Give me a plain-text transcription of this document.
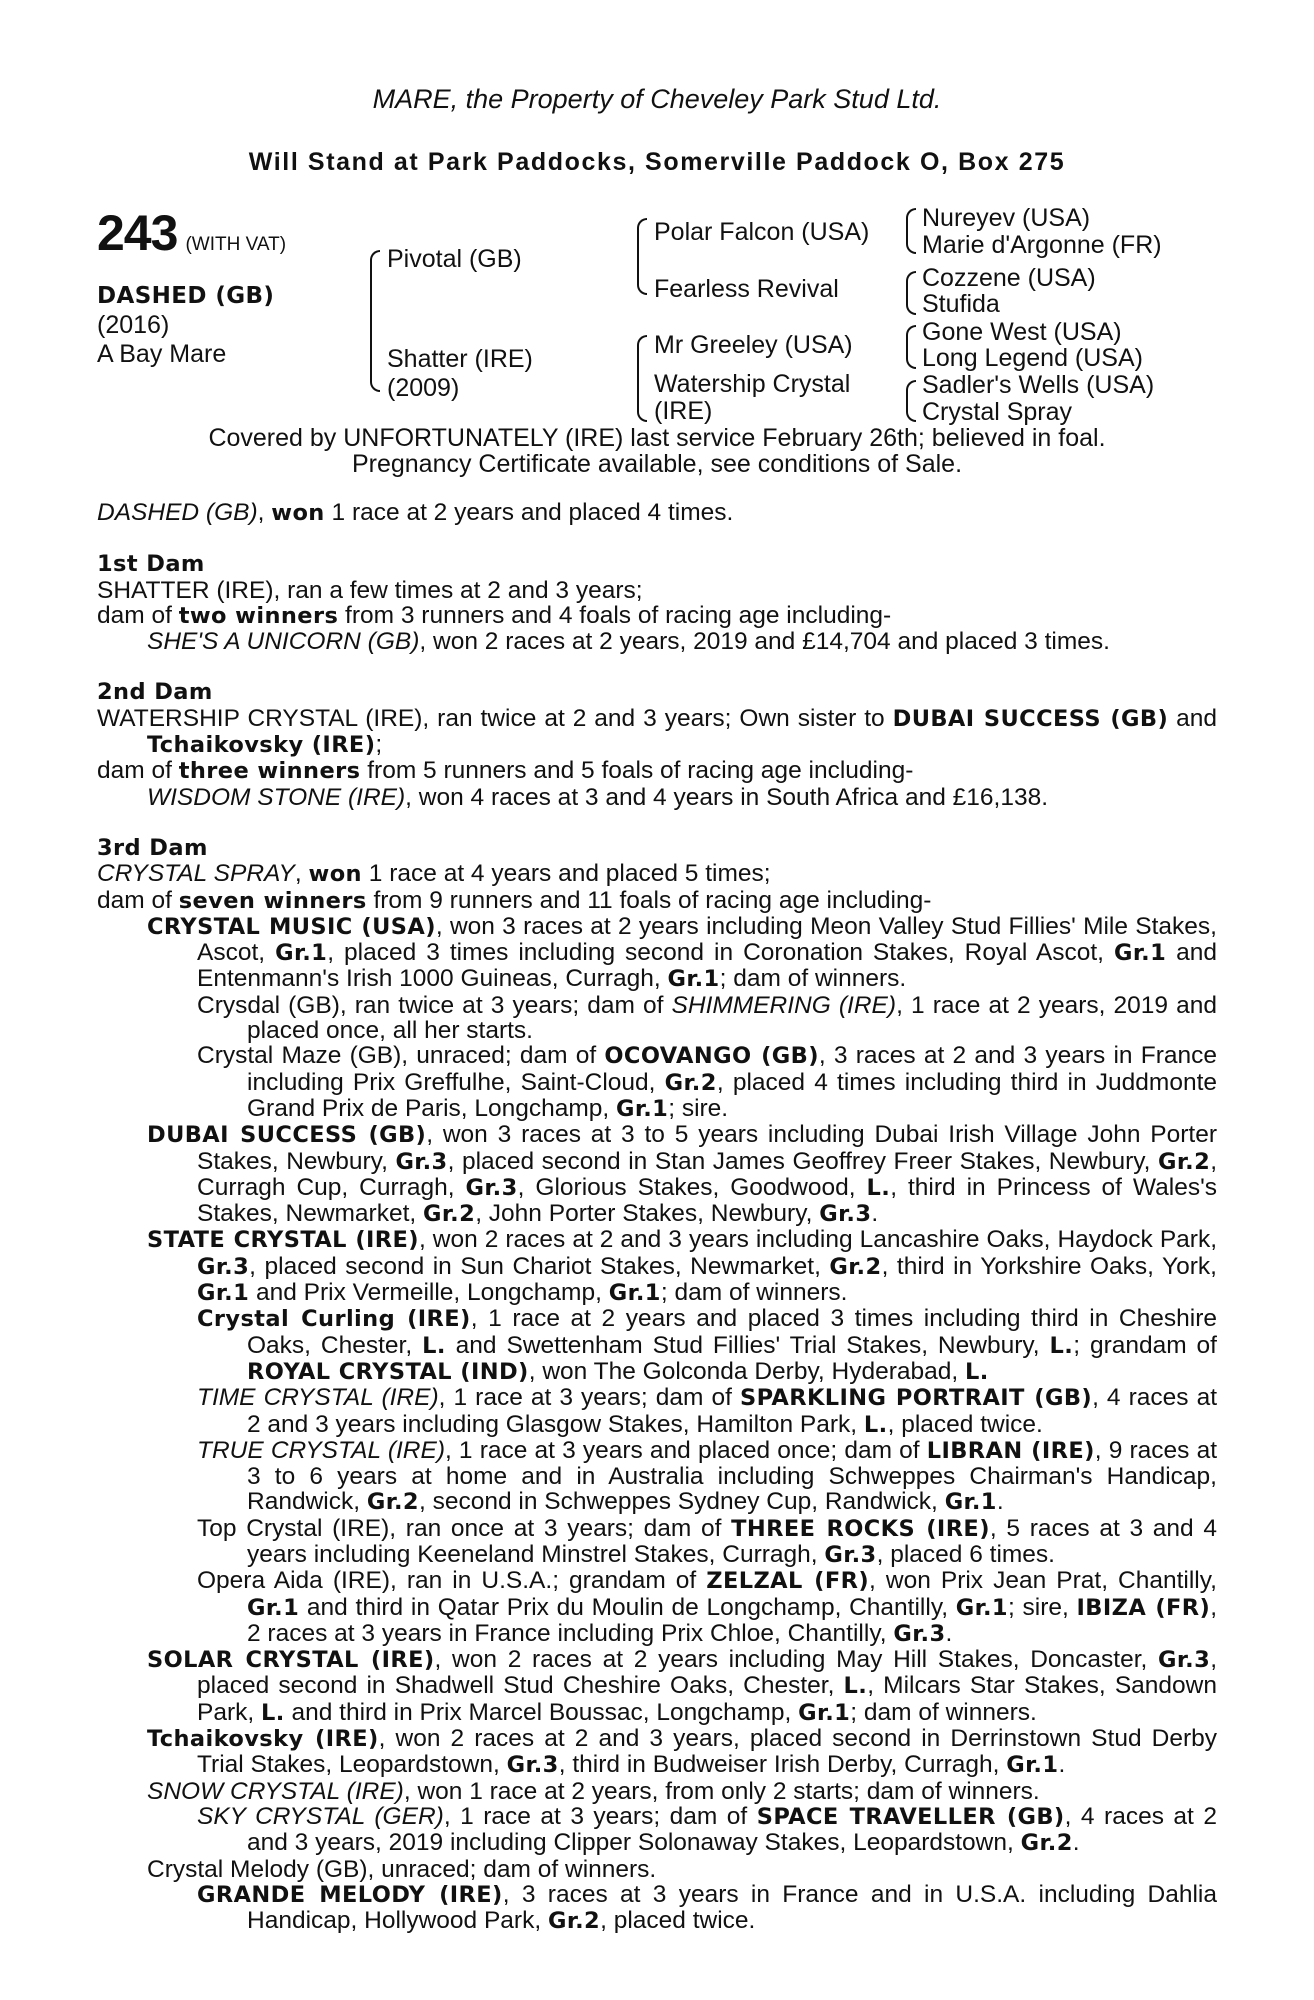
MARE, the Property of Cheveley Park Stud Ltd.
Will Stand at Park Paddocks, Somerville Paddock O, Box 275
243 (WITH VAT)
DASHED (GB)
(2016)
A Bay Mare
Pivotal (GB)
Shatter (IRE)
(2009)
Polar Falcon (USA)
Fearless Revival
Mr Greeley (USA)
Watership Crystal
(IRE)
Nureyev (USA)
Marie d'Argonne (FR)
Cozzene (USA)
Stufida
Gone West (USA)
Long Legend (USA)
Sadler's Wells (USA)
Crystal Spray
Covered by UNFORTUNATELY (IRE) last service February 26th; believed in foal.
Pregnancy Certificate available, see conditions of Sale.

DASHED (GB), won 1 race at 2 years and placed 4 times.

1st Dam

SHATTER (IRE), ran a few times at 2 and 3 years;

dam of two winners from 3 runners and 4 foals of racing age including-

SHE'S A UNICORN (GB), won 2 races at 2 years, 2019 and £14,704 and placed 3 times.

2nd Dam

WATERSHIP CRYSTAL (IRE), ran twice at 2 and 3 years; Own sister to DUBAI SUCCESS (GB) and Tchaikovsky (IRE);

dam of three winners from 5 runners and 5 foals of racing age including-

WISDOM STONE (IRE), won 4 races at 3 and 4 years in South Africa and £16,138.

3rd Dam

CRYSTAL SPRAY, won 1 race at 4 years and placed 5 times;

dam of seven winners from 9 runners and 11 foals of racing age including-

CRYSTAL MUSIC (USA), won 3 races at 2 years including Meon Valley Stud Fillies' Mile Stakes, Ascot, Gr.1, placed 3 times including second in Coronation Stakes, Royal Ascot, Gr.1 and Entenmann's Irish 1000 Guineas, Curragh, Gr.1; dam of winners.

Crysdal (GB), ran twice at 3 years; dam of SHIMMERING (IRE), 1 race at 2 years, 2019 and placed once, all her starts.

Crystal Maze (GB), unraced; dam of OCOVANGO (GB), 3 races at 2 and 3 years in France including Prix Greffulhe, Saint-Cloud, Gr.2, placed 4 times including third in Juddmonte Grand Prix de Paris, Longchamp, Gr.1; sire.

DUBAI SUCCESS (GB), won 3 races at 3 to 5 years including Dubai Irish Village John Porter Stakes, Newbury, Gr.3, placed second in Stan James Geoffrey Freer Stakes, Newbury, Gr.2, Curragh Cup, Curragh, Gr.3, Glorious Stakes, Goodwood, L., third in Princess of Wales's Stakes, Newmarket, Gr.2, John Porter Stakes, Newbury, Gr.3.

STATE CRYSTAL (IRE), won 2 races at 2 and 3 years including Lancashire Oaks, Haydock Park, Gr.3, placed second in Sun Chariot Stakes, Newmarket, Gr.2, third in Yorkshire Oaks, York, Gr.1 and Prix Vermeille, Longchamp, Gr.1; dam of winners.

Crystal Curling (IRE), 1 race at 2 years and placed 3 times including third in Cheshire Oaks, Chester, L. and Swettenham Stud Fillies' Trial Stakes, Newbury, L.; grandam of ROYAL CRYSTAL (IND), won The Golconda Derby, Hyderabad, L.

TIME CRYSTAL (IRE), 1 race at 3 years; dam of SPARKLING PORTRAIT (GB), 4 races at 2 and 3 years including Glasgow Stakes, Hamilton Park, L., placed twice.

TRUE CRYSTAL (IRE), 1 race at 3 years and placed once; dam of LIBRAN (IRE), 9 races at 3 to 6 years at home and in Australia including Schweppes Chairman's Handicap, Randwick, Gr.2, second in Schweppes Sydney Cup, Randwick, Gr.1.

Top Crystal (IRE), ran once at 3 years; dam of THREE ROCKS (IRE), 5 races at 3 and 4 years including Keeneland Minstrel Stakes, Curragh, Gr.3, placed 6 times.

Opera Aida (IRE), ran in U.S.A.; grandam of ZELZAL (FR), won Prix Jean Prat, Chantilly, Gr.1 and third in Qatar Prix du Moulin de Longchamp, Chantilly, Gr.1; sire, IBIZA (FR), 2 races at 3 years in France including Prix Chloe, Chantilly, Gr.3.

SOLAR CRYSTAL (IRE), won 2 races at 2 years including May Hill Stakes, Doncaster, Gr.3, placed second in Shadwell Stud Cheshire Oaks, Chester, L., Milcars Star Stakes, Sandown Park, L. and third in Prix Marcel Boussac, Longchamp, Gr.1; dam of winners.

Tchaikovsky (IRE), won 2 races at 2 and 3 years, placed second in Derrinstown Stud Derby Trial Stakes, Leopardstown, Gr.3, third in Budweiser Irish Derby, Curragh, Gr.1.

SNOW CRYSTAL (IRE), won 1 race at 2 years, from only 2 starts; dam of winners.

SKY CRYSTAL (GER), 1 race at 3 years; dam of SPACE TRAVELLER (GB), 4 races at 2 and 3 years, 2019 including Clipper Solonaway Stakes, Leopardstown, Gr.2.

Crystal Melody (GB), unraced; dam of winners.

GRANDE MELODY (IRE), 3 races at 3 years in France and in U.S.A. including Dahlia Handicap, Hollywood Park, Gr.2, placed twice.
